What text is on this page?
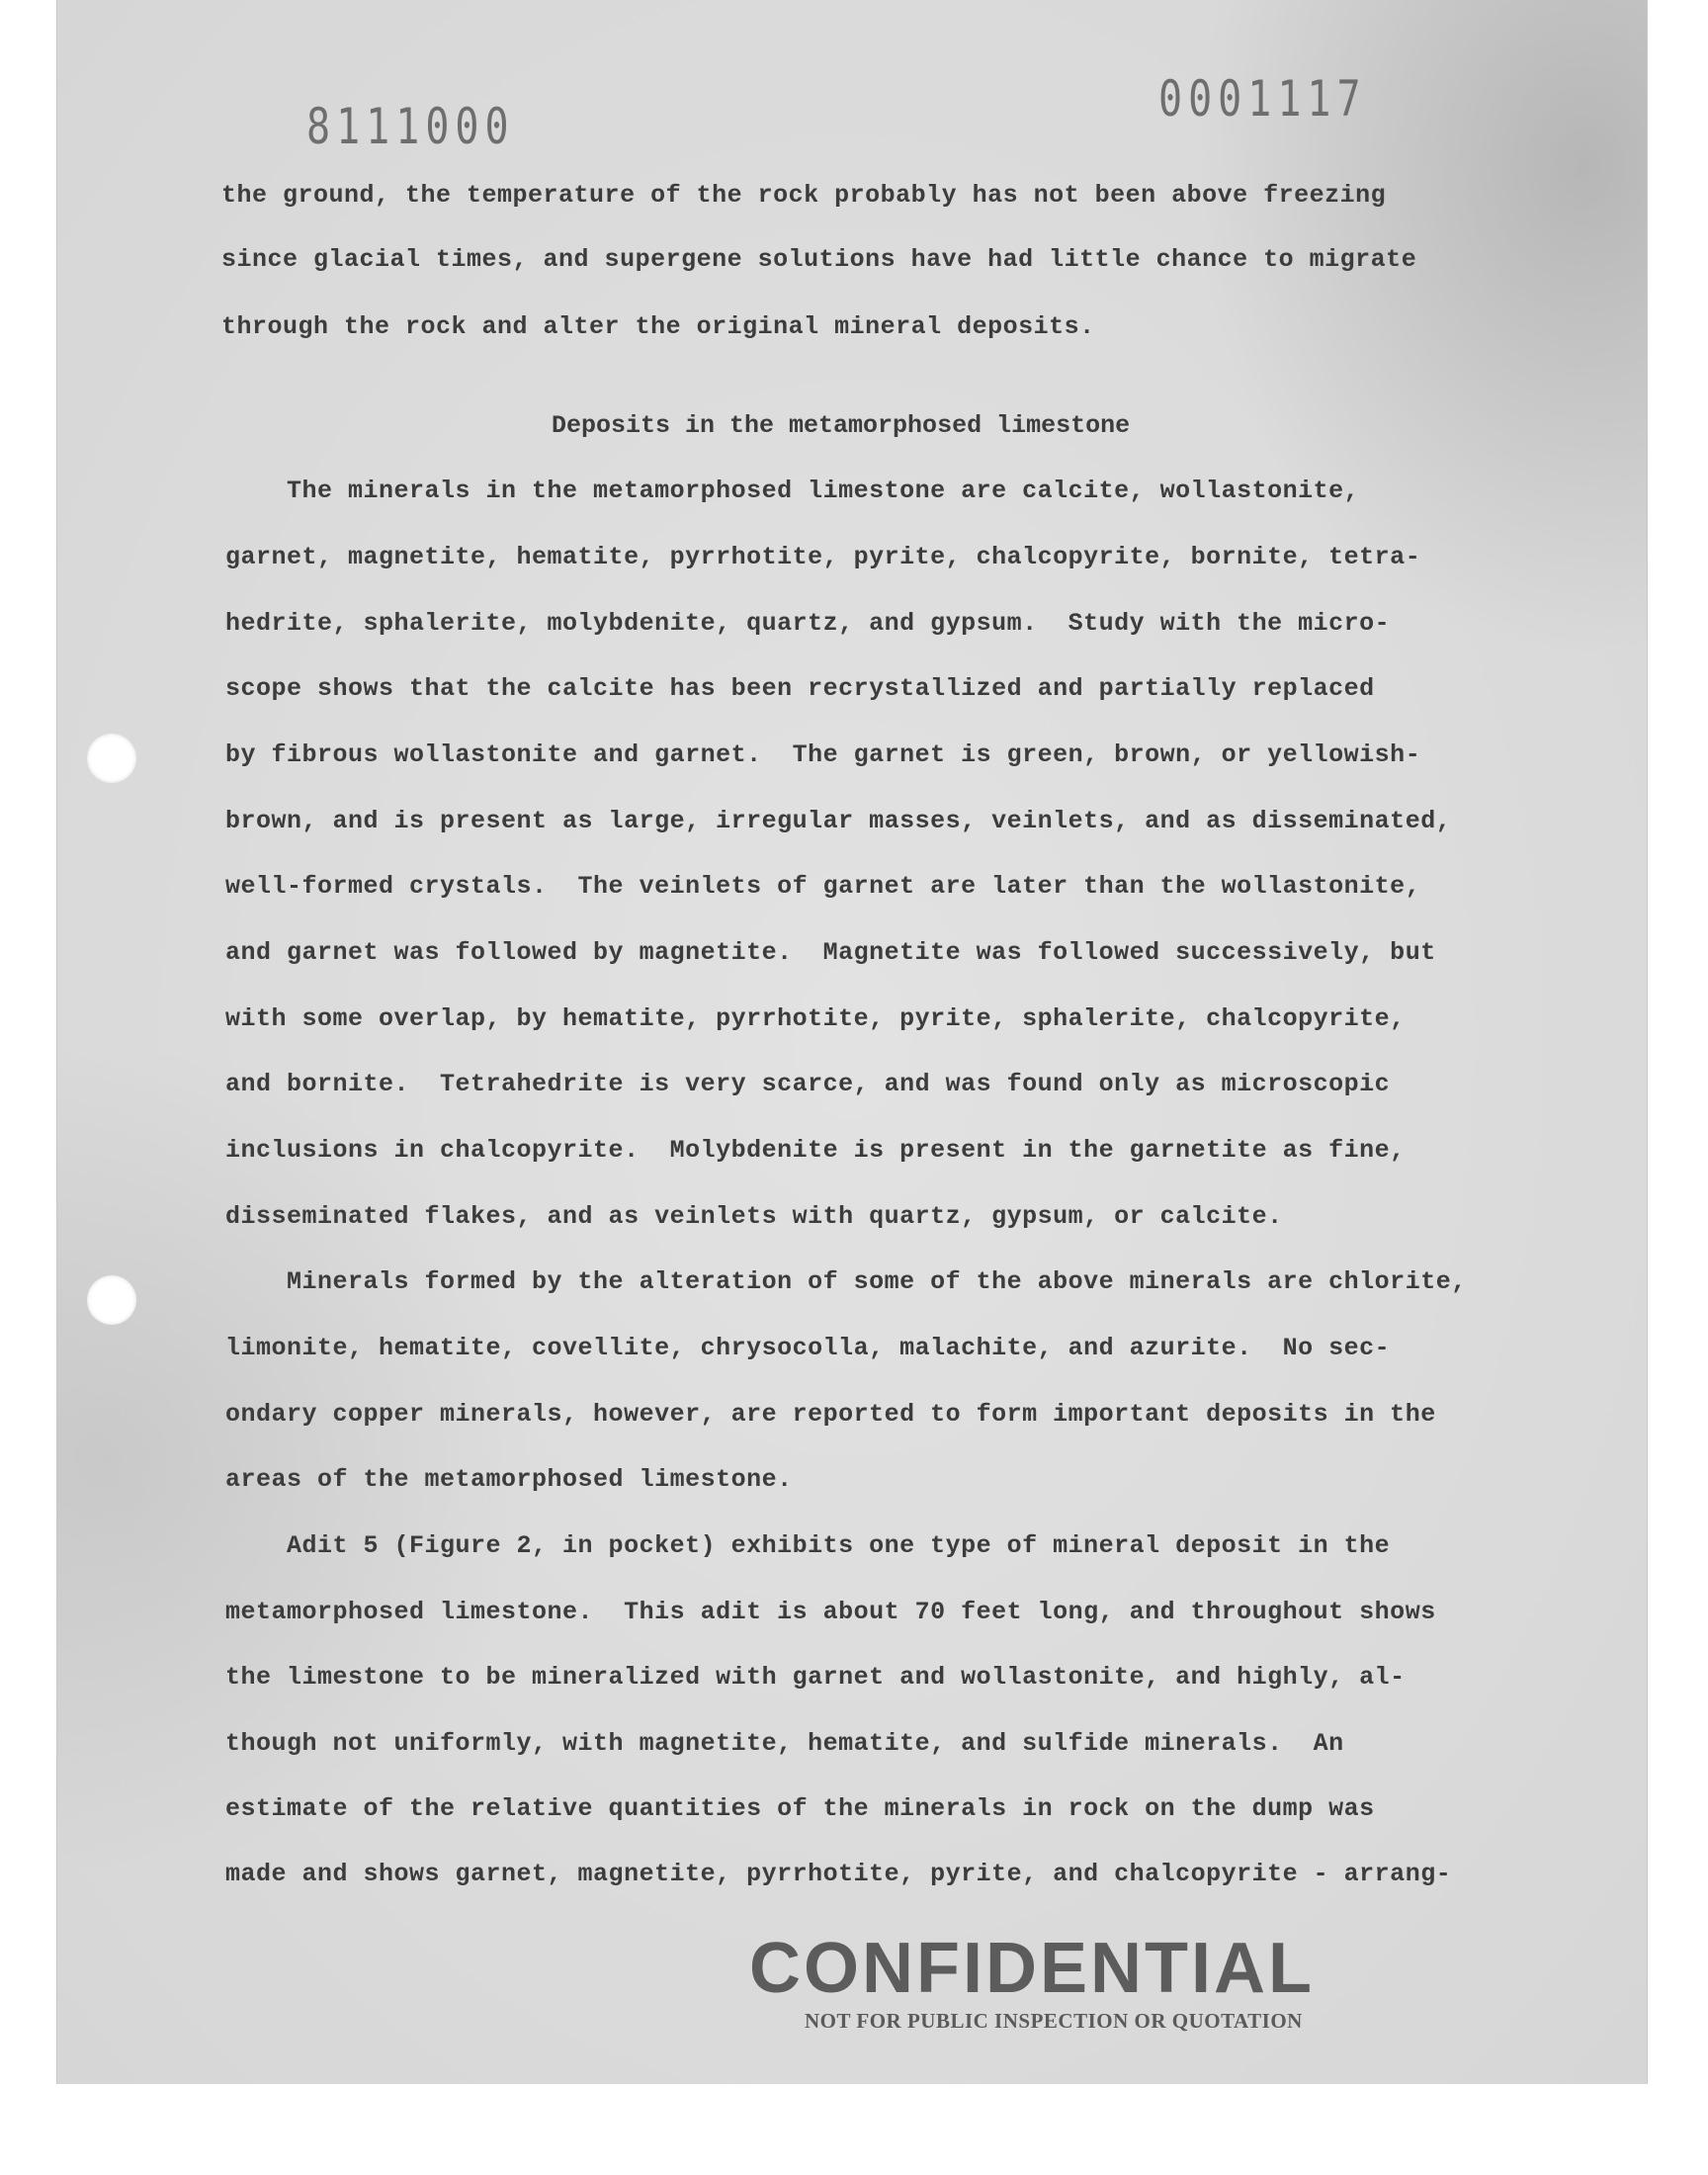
8111000	0001117
the ground, the temperature of the rock probably has not been above freezing
since glacial times, and supergene solutions have had little chance to migrate
through the rock and alter the original mineral deposits.
Deposits in the metamorphosed limestone
The minerals in the metamorphosed limestone are calcite, wollastonite,
garnet, magnetite, hematite, pyrrhotite, pyrite, chalcopyrite, bornite, tetra-
hedrite, sphalerite, molybdenite, quartz, and gypsum.  Study with the micro-
scope shows that the calcite has been recrystallized and partially replaced
by fibrous wollastonite and garnet.  The garnet is green, brown, or yellowish-
brown, and is present as large, irregular masses, veinlets, and as disseminated,
well-formed crystals.  The veinlets of garnet are later than the wollastonite,
and garnet was followed by magnetite.  Magnetite was followed successively, but
with some overlap, by hematite, pyrrhotite, pyrite, sphalerite, chalcopyrite,
and bornite.  Tetrahedrite is very scarce, and was found only as microscopic
inclusions in chalcopyrite.  Molybdenite is present in the garnetite as fine,
disseminated flakes, and as veinlets with quartz, gypsum, or calcite.
Minerals formed by the alteration of some of the above minerals are chlorite,
limonite, hematite, covellite, chrysocolla, malachite, and azurite.  No sec-
ondary copper minerals, however, are reported to form important deposits in the
areas of the metamorphosed limestone.
Adit 5 (Figure 2, in pocket) exhibits one type of mineral deposit in the
metamorphosed limestone.  This adit is about 70 feet long, and throughout shows
the limestone to be mineralized with garnet and wollastonite, and highly, al-
though not uniformly, with magnetite, hematite, and sulfide minerals.  An
estimate of the relative quantities of the minerals in rock on the dump was
made and shows garnet, magnetite, pyrrhotite, pyrite, and chalcopyrite - arrang-
CONFIDENTIAL
NOT FOR PUBLIC INSPECTION OR QUOTATION
